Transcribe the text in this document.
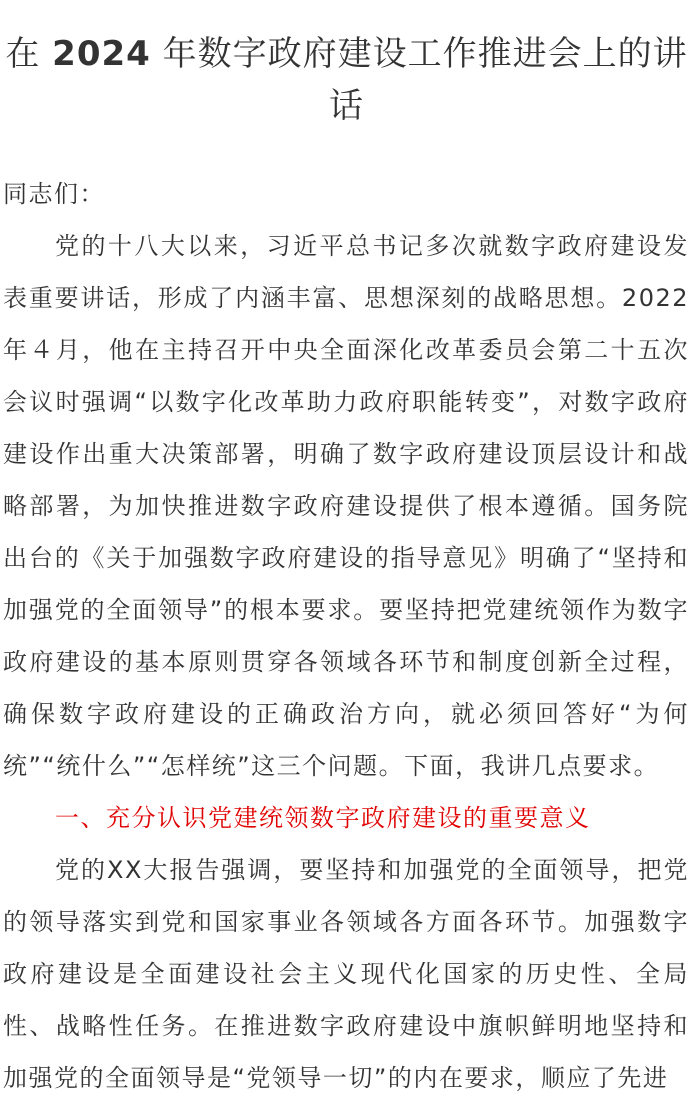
在 2024 年数字政府建设工作推进会上的讲话

同志们：

党的十八大以来，习近平总书记多次就数字政府建设发表重要讲话，形成了内涵丰富、思想深刻的战略思想。2022年４月，他在主持召开中央全面深化改革委员会第二十五次会议时强调“以数字化改革助力政府职能转变”，对数字政府建设作出重大决策部署，明确了数字政府建设顶层设计和战略部署，为加快推进数字政府建设提供了根本遵循。国务院出台的《关于加强数字政府建设的指导意见》明确了“坚持和加强党的全面领导”的根本要求。要坚持把党建统领作为数字政府建设的基本原则贯穿各领域各环节和制度创新全过程，确保数字政府建设的正确政治方向，就必须回答好“为何统”“统什么”“怎样统”这三个问题。下面，我讲几点要求。

一、充分认识党建统领数字政府建设的重要意义

党的XX大报告强调，要坚持和加强党的全面领导，把党的领导落实到党和国家事业各领域各方面各环节。加强数字政府建设是全面建设社会主义现代化国家的历史性、全局性、战略性任务。在推进数字政府建设中旗帜鲜明地坚持和加强党的全面领导是“党领导一切”的内在要求，顺应了先进
